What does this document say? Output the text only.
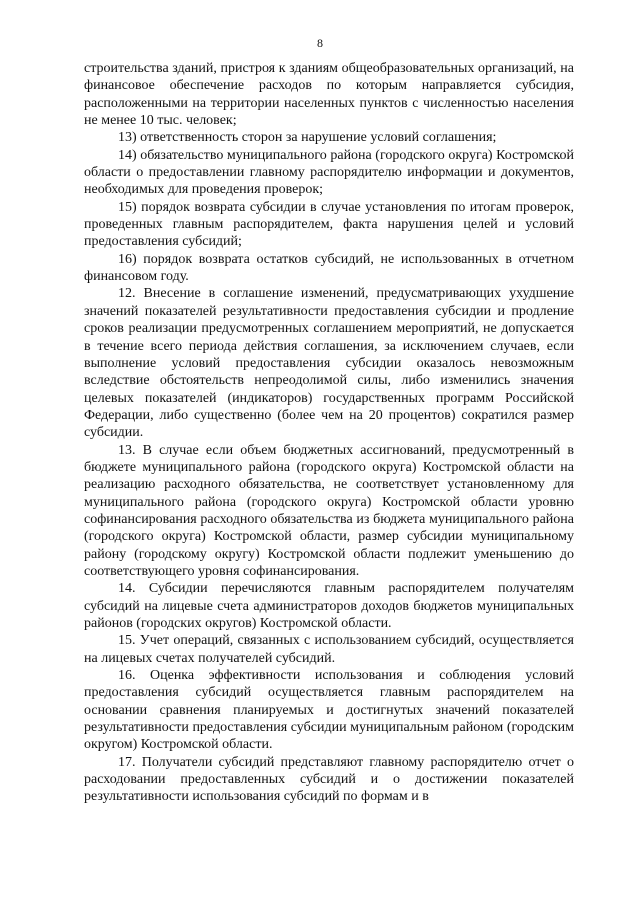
8

строительства зданий, пристроя к зданиям общеобразовательных организаций, на финансовое обеспечение расходов по которым направляется субсидия, расположенными на территории населенных пунктов с численностью населения не менее 10 тыс. человек;

13) ответственность сторон за нарушение условий соглашения;

14) обязательство муниципального района (городского округа) Костромской области о предоставлении главному распорядителю информации и документов, необходимых для проведения проверок;

15) порядок возврата субсидии в случае установления по итогам проверок, проведенных главным распорядителем, факта нарушения целей и условий предоставления субсидий;

16) порядок возврата остатков субсидий, не использованных в отчетном финансовом году.

12. Внесение в соглашение изменений, предусматривающих ухудшение значений показателей результативности предоставления субсидии и продление сроков реализации предусмотренных соглашением мероприятий, не допускается в течение всего периода действия соглашения, за исключением случаев, если выполнение условий предоставления субсидии оказалось невозможным вследствие обстоятельств непреодолимой силы, либо изменились значения целевых показателей (индикаторов) государственных программ Российской Федерации, либо существенно (более чем на 20 процентов) сократился размер субсидии.

13. В случае если объем бюджетных ассигнований, предусмотренный в бюджете муниципального района (городского округа) Костромской области на реализацию расходного обязательства, не соответствует установленному для муниципального района (городского округа) Костромской области уровню софинансирования расходного обязательства из бюджета муниципального района (городского округа) Костромской области, размер субсидии муниципальному району (городскому округу) Костромской области подлежит уменьшению до соответствующего уровня софинансирования.

14. Субсидии перечисляются главным распорядителем получателям субсидий на лицевые счета администраторов доходов бюджетов муниципальных районов (городских округов) Костромской области.

15. Учет операций, связанных с использованием субсидий, осуществляется на лицевых счетах получателей субсидий.

16. Оценка эффективности использования и соблюдения условий предоставления субсидий осуществляется главным распорядителем на основании сравнения планируемых и достигнутых значений показателей результативности предоставления субсидии муниципальным районом (городским округом) Костромской области.

17. Получатели субсидий представляют главному распорядителю отчет о расходовании предоставленных субсидий и о достижении показателей результативности использования субсидий по формам и в
